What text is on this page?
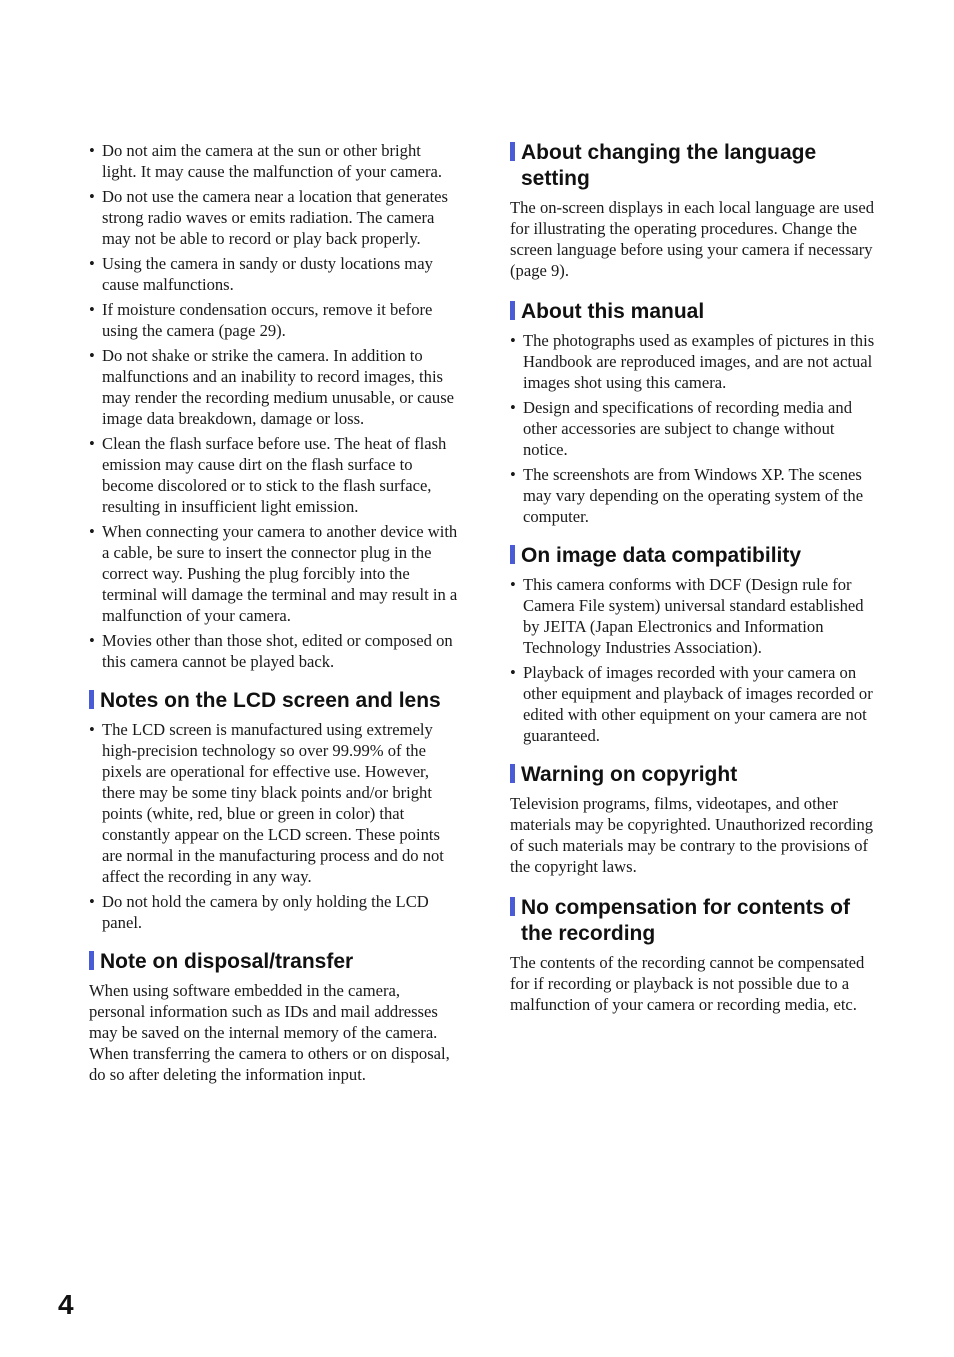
• Do not aim the camera at the sun or other bright light. It may cause the malfunction of your camera.
• Do not use the camera near a location that generates strong radio waves or emits radiation. The camera may not be able to record or play back properly.
• Using the camera in sandy or dusty locations may cause malfunctions.
• If moisture condensation occurs, remove it before using the camera (page 29).
• Do not shake or strike the camera. In addition to malfunctions and an inability to record images, this may render the recording medium unusable, or cause image data breakdown, damage or loss.
• Clean the flash surface before use. The heat of flash emission may cause dirt on the flash surface to become discolored or to stick to the flash surface, resulting in insufficient light emission.
• When connecting your camera to another device with a cable, be sure to insert the connector plug in the correct way. Pushing the plug forcibly into the terminal will damage the terminal and may result in a malfunction of your camera.
• Movies other than those shot, edited or composed on this camera cannot be played back.
Notes on the LCD screen and lens
• The LCD screen is manufactured using extremely high-precision technology so over 99.99% of the pixels are operational for effective use. However, there may be some tiny black points and/or bright points (white, red, blue or green in color) that constantly appear on the LCD screen. These points are normal in the manufacturing process and do not affect the recording in any way.
• Do not hold the camera by only holding the LCD panel.
Note on disposal/transfer

When using software embedded in the camera, personal information such as IDs and mail addresses may be saved on the internal memory of the camera. When transferring the camera to others or on disposal, do so after deleting the information input.

About changing the language setting

The on-screen displays in each local language are used for illustrating the operating procedures. Change the screen language before using your camera if necessary (page 9).

About this manual
• The photographs used as examples of pictures in this Handbook are reproduced images, and are not actual images shot using this camera.
• Design and specifications of recording media and other accessories are subject to change without notice.
• The screenshots are from Windows XP. The scenes may vary depending on the operating system of the computer.
On image data compatibility
• This camera conforms with DCF (Design rule for Camera File system) universal standard established by JEITA (Japan Electronics and Information Technology Industries Association).
• Playback of images recorded with your camera on other equipment and playback of images recorded or edited with other equipment on your camera are not guaranteed.
Warning on copyright

Television programs, films, videotapes, and other materials may be copyrighted. Unauthorized recording of such materials may be contrary to the provisions of the copyright laws.

No compensation for contents of the recording

The contents of the recording cannot be compensated for if recording or playback is not possible due to a malfunction of your camera or recording media, etc.

4
